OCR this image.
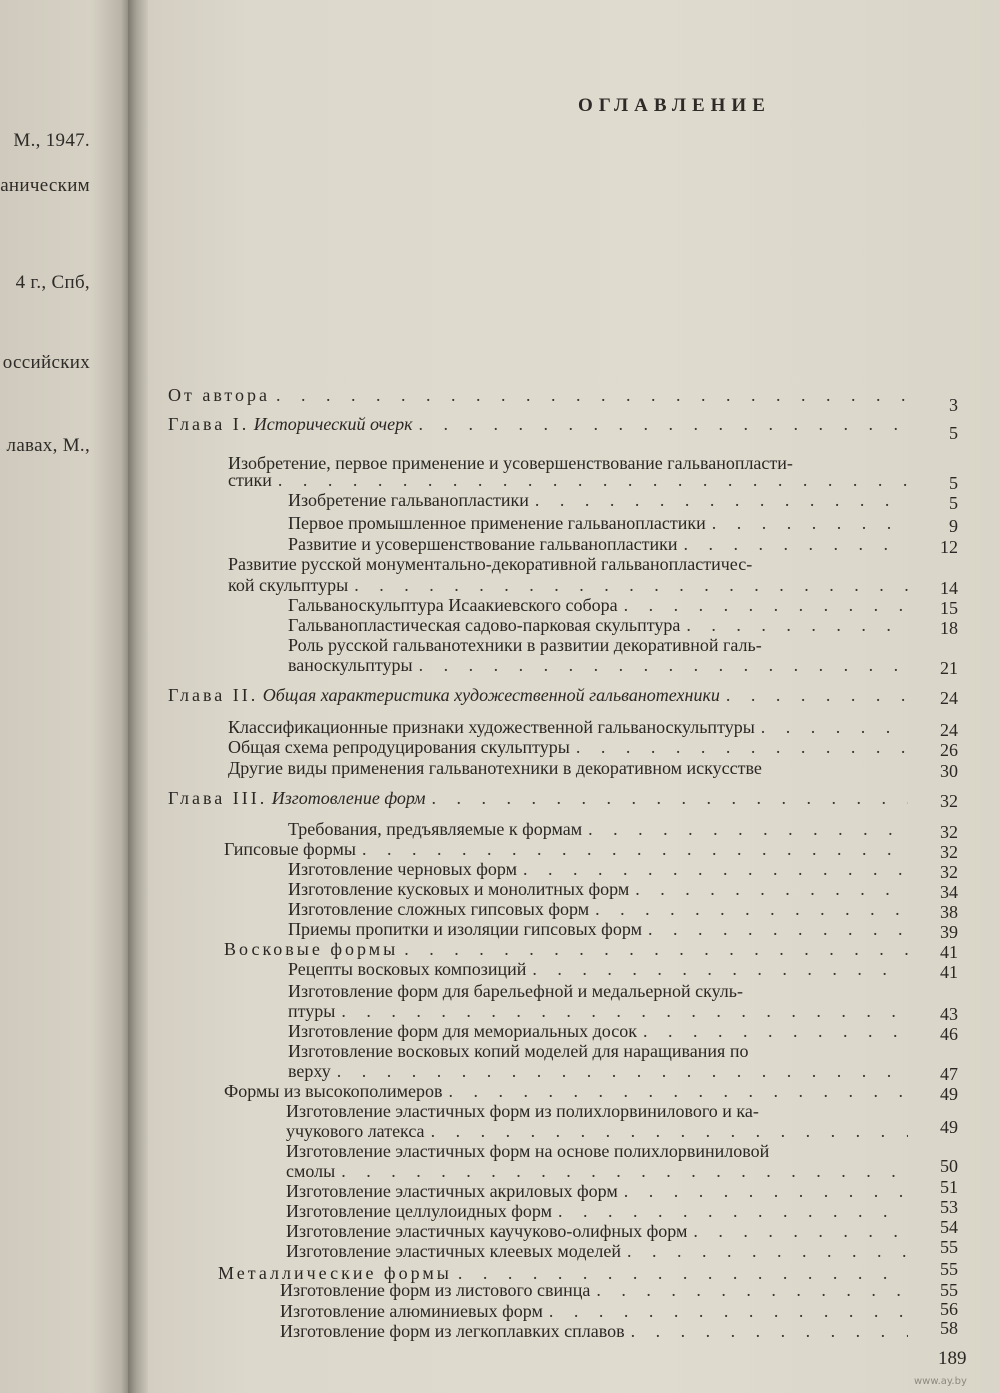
М., 1947.
аническим
4 г., Спб,
оссийских
лавах, М.,
ОГЛАВЛЕНИЕ
От автора . . .	3
Глава I.
Исторический очерк . . .	5
Изобретение, первое применение и усовершенствование гальванопласти-
стики . . .	5
Изобретение гальванопластики . . .	5
Первое промышленное применение гальванопластики . . .	9
Развитие и усовершенствование гальванопластики . . .	12
Развитие русской монументально-декоративной гальванопластичес-
кой скульптуры . . .	14
Гальваноскульптура Исаакиевского собора . . .	15
Гальванопластическая садово-парковая скульптура . . .	18
Роль русской гальванотехники в развитии декоративной галь-
ваноскульптуры . . .	21
Глава II.
Общая характеристика художественной гальванотехники . . .	24
Классификационные признаки художественной гальваноскульптуры . . .	24
Общая схема репродуцирования скульптуры . . .	26
Другие виды применения гальванотехники в декоративном искусстве	30
Глава III.
Изготовление форм . . .	32
Требования, предъявляемые к формам . . .	32
Гипсовые формы . . .	32
Изготовление черновых форм . . .	32
Изготовление кусковых и монолитных форм . . .	34
Изготовление сложных гипсовых форм . . .	38
Приемы пропитки и изоляции гипсовых форм . . .	39
Восковые формы . . .	41
Рецепты восковых композиций . . .	41
Изготовление форм для барельефной и медальерной скуль-
птуры . . .	43
Изготовление форм для мемориальных досок . . .	46
Изготовление восковых копий моделей для наращивания по
верху . . .	47
Формы из высокополимеров . . .	49
Изготовление эластичных форм из полихлорвинилового и ка-
учукового латекса . . .	49
Изготовление эластичных форм на основе полихлорвиниловой
смолы . . .	50
Изготовление эластичных акриловых форм . . .	51
Изготовление целлулоидных форм . . .	53
Изготовление эластичных каучуково-олифных форм . . .	54
Изготовление эластичных клеевых моделей . . .	55
Металлические формы . . .	55
Изготовление форм из листового свинца . . .	55
Изготовление алюминиевых форм . . .	56
Изготовление форм из легкоплавких сплавов . . .	58
189
www.ay.by
